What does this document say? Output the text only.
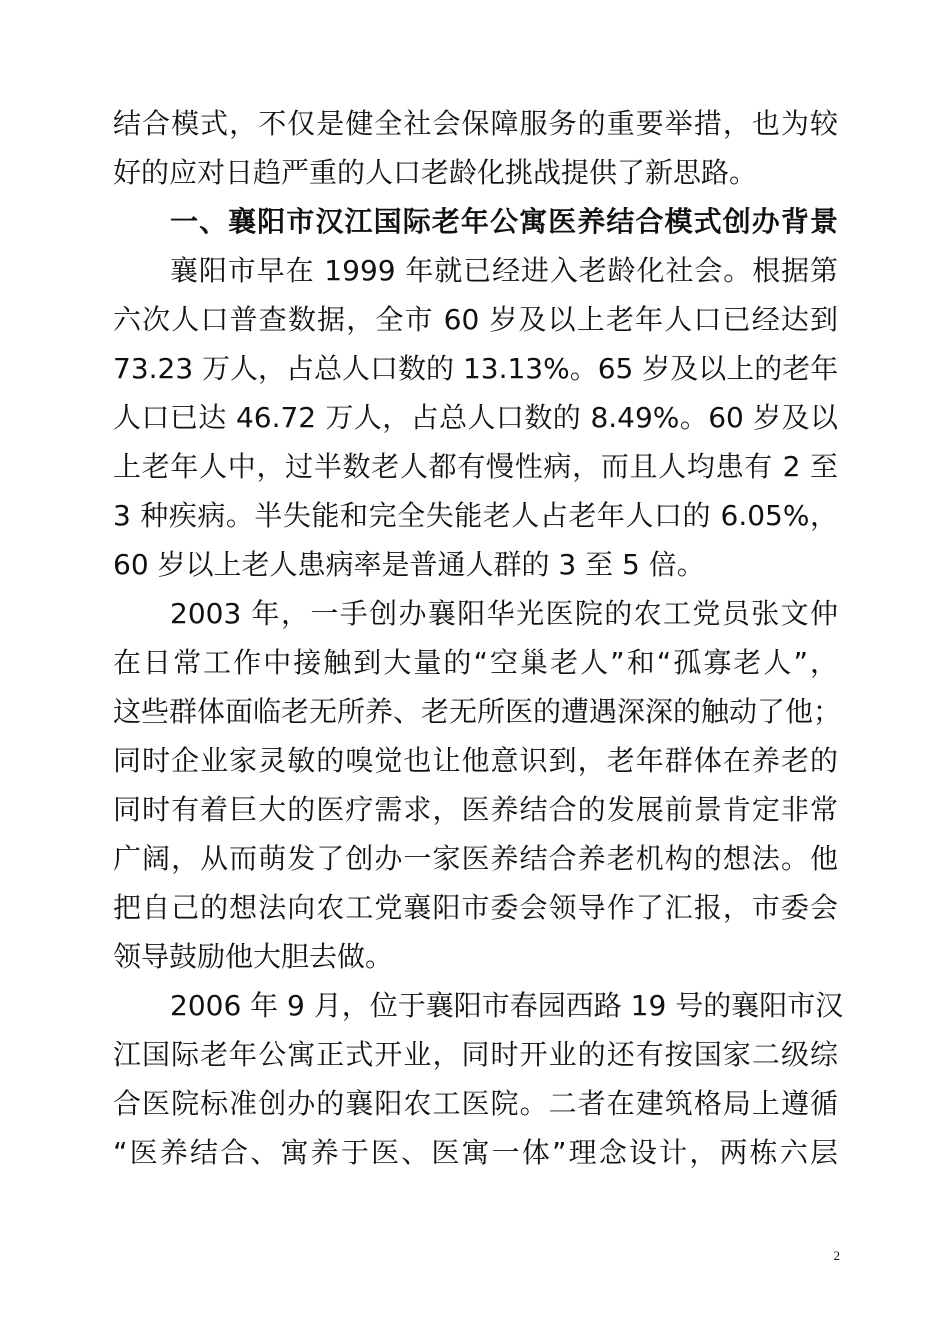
结合模式，不仅是健全社会保障服务的重要举措，也为较
好的应对日趋严重的人口老龄化挑战提供了新思路。
一、襄阳市汉江国际老年公寓医养结合模式创办背景
襄阳市早在 1999 年就已经进入老龄化社会。根据第
六次人口普查数据，全市 60 岁及以上老年人口已经达到
73.23 万人，占总人口数的 13.13%。65 岁及以上的老年
人口已达 46.72 万人，占总人口数的 8.49%。60 岁及以
上老年人中，过半数老人都有慢性病，而且人均患有 2 至
3 种疾病。半失能和完全失能老人占老年人口的 6.05%，
60 岁以上老人患病率是普通人群的 3 至 5 倍。
2003 年，一手创办襄阳华光医院的农工党员张文仲
在日常工作中接触到大量的“空巢老人”和“孤寡老人”，
这些群体面临老无所养、老无所医的遭遇深深的触动了他；
同时企业家灵敏的嗅觉也让他意识到，老年群体在养老的
同时有着巨大的医疗需求，医养结合的发展前景肯定非常
广阔，从而萌发了创办一家医养结合养老机构的想法。他
把自己的想法向农工党襄阳市委会领导作了汇报，市委会
领导鼓励他大胆去做。
2006 年 9 月，位于襄阳市春园西路 19 号的襄阳市汉
江国际老年公寓正式开业，同时开业的还有按国家二级综
合医院标准创办的襄阳农工医院。二者在建筑格局上遵循
“医养结合、寓养于医、医寓一体”理念设计，两栋六层
2
